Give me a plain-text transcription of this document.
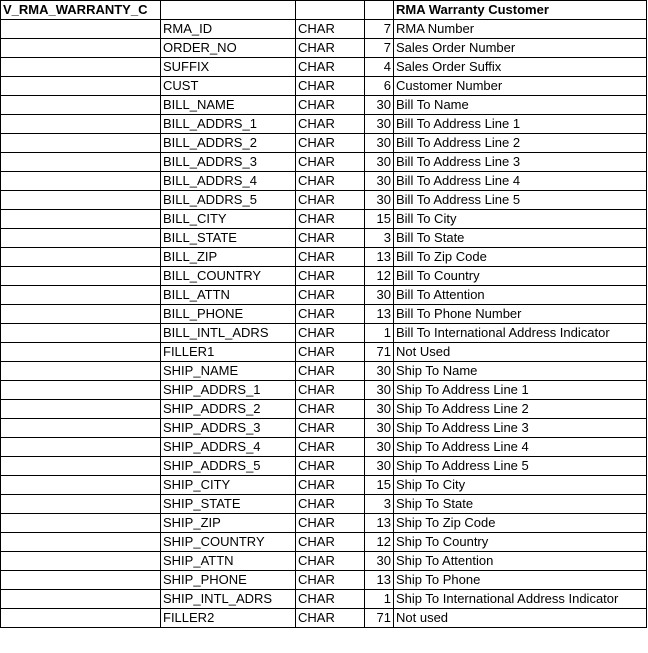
V_RMA_WARRANTY_C				RMA Warranty Customer
	RMA_ID	CHAR	7	RMA Number
	ORDER_NO	CHAR	7	Sales Order Number
	SUFFIX	CHAR	4	Sales Order Suffix
	CUST	CHAR	6	Customer Number
	BILL_NAME	CHAR	30	Bill To Name
	BILL_ADDRS_1	CHAR	30	Bill To Address Line 1
	BILL_ADDRS_2	CHAR	30	Bill To Address Line 2
	BILL_ADDRS_3	CHAR	30	Bill To Address Line 3
	BILL_ADDRS_4	CHAR	30	Bill To Address Line 4
	BILL_ADDRS_5	CHAR	30	Bill To Address Line 5
	BILL_CITY	CHAR	15	Bill To City
	BILL_STATE	CHAR	3	Bill To State
	BILL_ZIP	CHAR	13	Bill To Zip Code
	BILL_COUNTRY	CHAR	12	Bill To Country
	BILL_ATTN	CHAR	30	Bill To Attention
	BILL_PHONE	CHAR	13	Bill To Phone Number
	BILL_INTL_ADRS	CHAR	1	Bill To International Address Indicator
	FILLER1	CHAR	71	Not Used
	SHIP_NAME	CHAR	30	Ship To Name
	SHIP_ADDRS_1	CHAR	30	Ship To Address Line 1
	SHIP_ADDRS_2	CHAR	30	Ship To Address Line 2
	SHIP_ADDRS_3	CHAR	30	Ship To Address Line 3
	SHIP_ADDRS_4	CHAR	30	Ship To Address Line 4
	SHIP_ADDRS_5	CHAR	30	Ship To Address Line 5
	SHIP_CITY	CHAR	15	Ship To City
	SHIP_STATE	CHAR	3	Ship To State
	SHIP_ZIP	CHAR	13	Ship To Zip Code
	SHIP_COUNTRY	CHAR	12	Ship To Country
	SHIP_ATTN	CHAR	30	Ship To Attention
	SHIP_PHONE	CHAR	13	Ship To Phone
	SHIP_INTL_ADRS	CHAR	1	Ship To International Address Indicator
	FILLER2	CHAR	71	Not used
